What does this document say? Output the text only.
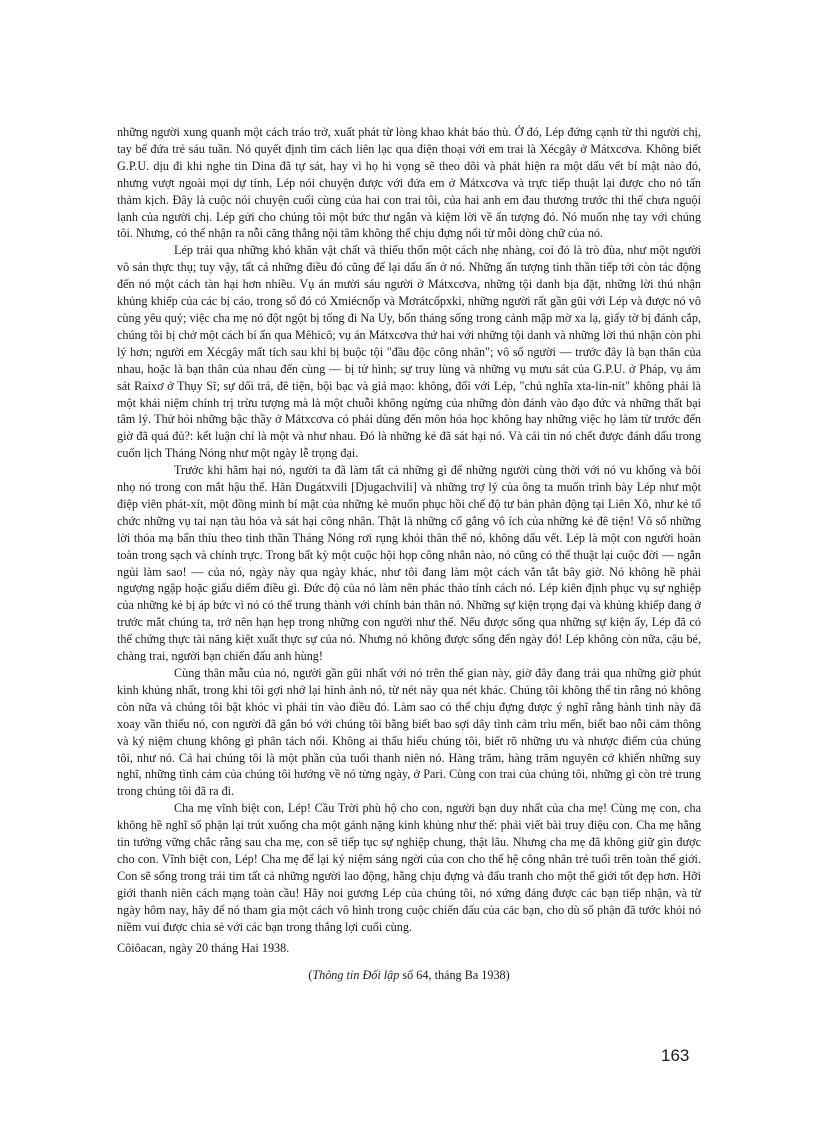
những người xung quanh một cách tráo trở, xuất phát từ lòng khao khát báo thù. Ở đó, Lép đứng cạnh từ thi người chị, tay bế đứa trẻ sáu tuần. Nó quyết định tìm cách liên lạc qua điện thoại với em trai là Xécgây ở Mátxcơva. Không biết G.P.U. dịu đi khi nghe tin Dina đã tự sát, hay vì họ hi vọng sẽ theo dõi và phát hiện ra một dấu vết bí mật nào đó, nhưng vượt ngoài mọi dự tính, Lép nói chuyện được với đứa em ở Mátxcơva và trực tiếp thuật lại được cho nó tấn thảm kịch. Đây là cuộc nói chuyện cuối cùng của hai con trai tôi, của hai anh em đau thương trước thi thể chưa nguội lạnh của người chị. Lép gửi cho chúng tôi một bức thư ngắn và kiệm lời về ấn tượng đó. Nó muốn nhẹ tay với chúng tôi. Nhưng, có thể nhận ra nỗi căng thẳng nội tâm không thể chịu đựng nổi từ mỗi dòng chữ của nó.

Lép trải qua những khó khăn vật chất và thiếu thốn một cách nhẹ nhàng, coi đó là trò đùa, như một người vô sản thực thụ; tuy vậy, tất cả những điều đó cũng để lại dấu ấn ở nó. Những ấn tượng tinh thần tiếp tới còn tác động đến nó một cách tàn hại hơn nhiều. Vụ án mười sáu người ở Mátxcơva, những tội danh bịa đặt, những lời thú nhận khủng khiếp của các bị cáo, trong số đó có Xmiécnốp và Mơrátcốpxki, những người rất gần gũi với Lép và được nó vô cùng yêu quý; việc cha mẹ nó đột ngột bị tống đi Na Uy, bốn tháng sống trong cảnh mập mờ xa lạ, giấy tờ bị đánh cắp, chúng tôi bị chở một cách bí ẩn qua Mêhicô; vụ án Mátxcơva thứ hai với những tội danh và những lời thú nhận còn phi lý hơn; người em Xécgây mất tích sau khi bị buộc tội "đầu độc công nhân"; vô số người — trước đây là bạn thân của nhau, hoặc là bạn thân của nhau đến cùng — bị tử hình; sự truy lùng và những vụ mưu sát của G.P.U. ở Pháp, vụ ám sát Raixơ ở Thụy Sĩ; sự dối trá, đê tiện, bội bạc và giả mạo: không, đối với Lép, "chủ nghĩa xta-lin-nít" không phải là một khái niệm chính trị trừu tượng mà là một chuỗi không ngừng của những đòn đánh vào đạo đức và những thất bại tâm lý. Thử hỏi những bậc thầy ở Mátxcơva có phải dùng đến môn hóa học không hay những việc họ làm từ trước đến giờ đã quá đủ?: kết luận chỉ là một và như nhau. Đó là những kẻ đã sát hại nó. Và cái tin nó chết được đánh dấu trong cuốn lịch Tháng Nóng như một ngày lễ trọng đại.

Trước khi hãm hại nó, người ta đã làm tất cả những gì để những người cùng thời với nó vu khống và bôi nhọ nó trong con mắt hậu thế. Hăn Dugátxvili [Djugachvili] và những trợ lý của ông ta muốn trình bày Lép như một điệp viên phát-xít, một đồng minh bí mật của những kẻ muốn phục hồi chế độ tư bản phản động tại Liên Xô, như kẻ tổ chức những vụ tai nạn tàu hỏa và sát hại công nhân. Thật là những cố gắng vô ích của những kẻ đê tiện! Vô số những lời thóa mạ bẩn thỉu theo tinh thần Tháng Nóng rơi rụng khỏi thân thể nó, không dấu vết. Lép là một con người hoàn toàn trong sạch và chính trực. Trong bất kỳ một cuộc hội họp công nhân nào, nó cũng có thể thuật lại cuộc đời — ngắn ngủi làm sao! — của nó, ngày này qua ngày khác, như tôi đang làm một cách vắn tắt bây giờ. Nó không hề phải ngượng ngập hoặc giấu diếm điều gì. Đức độ của nó làm nên phác thảo tính cách nó. Lép kiên định phục vụ sự nghiệp của những kẻ bị áp bức vì nó có thể trung thành với chính bản thân nó. Những sự kiện trọng đại và khủng khiếp đang ở trước mắt chúng ta, trở nên hạn hẹp trong những con người như thế. Nếu được sống qua những sự kiện ấy, Lép đã có thể chứng thực tài năng kiệt xuất thực sự của nó. Nhưng nó không được sống đến ngày đó! Lép không còn nữa, cậu bé, chàng trai, người bạn chiến đấu anh hùng!

Cùng thân mẫu của nó, người gần gũi nhất với nó trên thế gian này, giờ đây đang trải qua những giờ phút kinh khủng nhất, trong khi tôi gợi nhớ lại hình ảnh nó, từ nét này qua nét khác. Chúng tôi không thể tin rằng nó không còn nữa và chúng tôi bật khóc vì phải tin vào điều đó. Làm sao có thể chịu đựng được ý nghĩ rằng hành tinh này đã xoay vần thiếu nó, con người đã gắn bó với chúng tôi bằng biết bao sợi dây tình cảm trìu mến, biết bao nỗi cảm thông và ký niệm chung không gì phân tách nổi. Không ai thấu hiểu chúng tôi, biết rõ những ưu và nhược điểm của chúng tôi, như nó. Cả hai chúng tôi là một phần của tuổi thanh niên nó. Hàng trăm, hàng trăm nguyên cớ khiến những suy nghĩ, những tình cảm của chúng tôi hướng về nó từng ngày, ở Pari. Cùng con trai của chúng tôi, những gì còn trẻ trung trong chúng tôi đã ra đi.

Cha mẹ vĩnh biệt con, Lép! Cầu Trời phù hộ cho con, người bạn duy nhất của cha mẹ! Cùng mẹ con, cha không hề nghĩ số phận lại trút xuống cha một gánh nặng kinh khủng như thế: phải viết bài truy điệu con. Cha mẹ hằng tin tưởng vững chắc rằng sau cha mẹ, con sẽ tiếp tục sự nghiệp chung, thật lâu. Nhưng cha mẹ đã không giữ gìn được cho con. Vĩnh biệt con, Lép! Cha mẹ để lại ký niệm sáng ngời của con cho thế hệ công nhân trẻ tuổi trên toàn thế giới. Con sẽ sống trong trái tim tất cả những người lao động, hằng chịu đựng và đấu tranh cho một thế giới tốt đẹp hơn. Hỡi giới thanh niên cách mạng toàn cầu! Hãy noi gương Lép của chúng tôi, nó xứng đáng được các bạn tiếp nhận, và từ ngày hôm nay, hãy để nó tham gia một cách vô hình trong cuộc chiến đấu của các bạn, cho dù số phận đã tước khỏi nó niềm vui được chia sẻ với các bạn trong thắng lợi cuối cùng.

Côiôacan, ngày 20 tháng Hai 1938.

(Thông tin Đối lập số 64, tháng Ba 1938)

163
